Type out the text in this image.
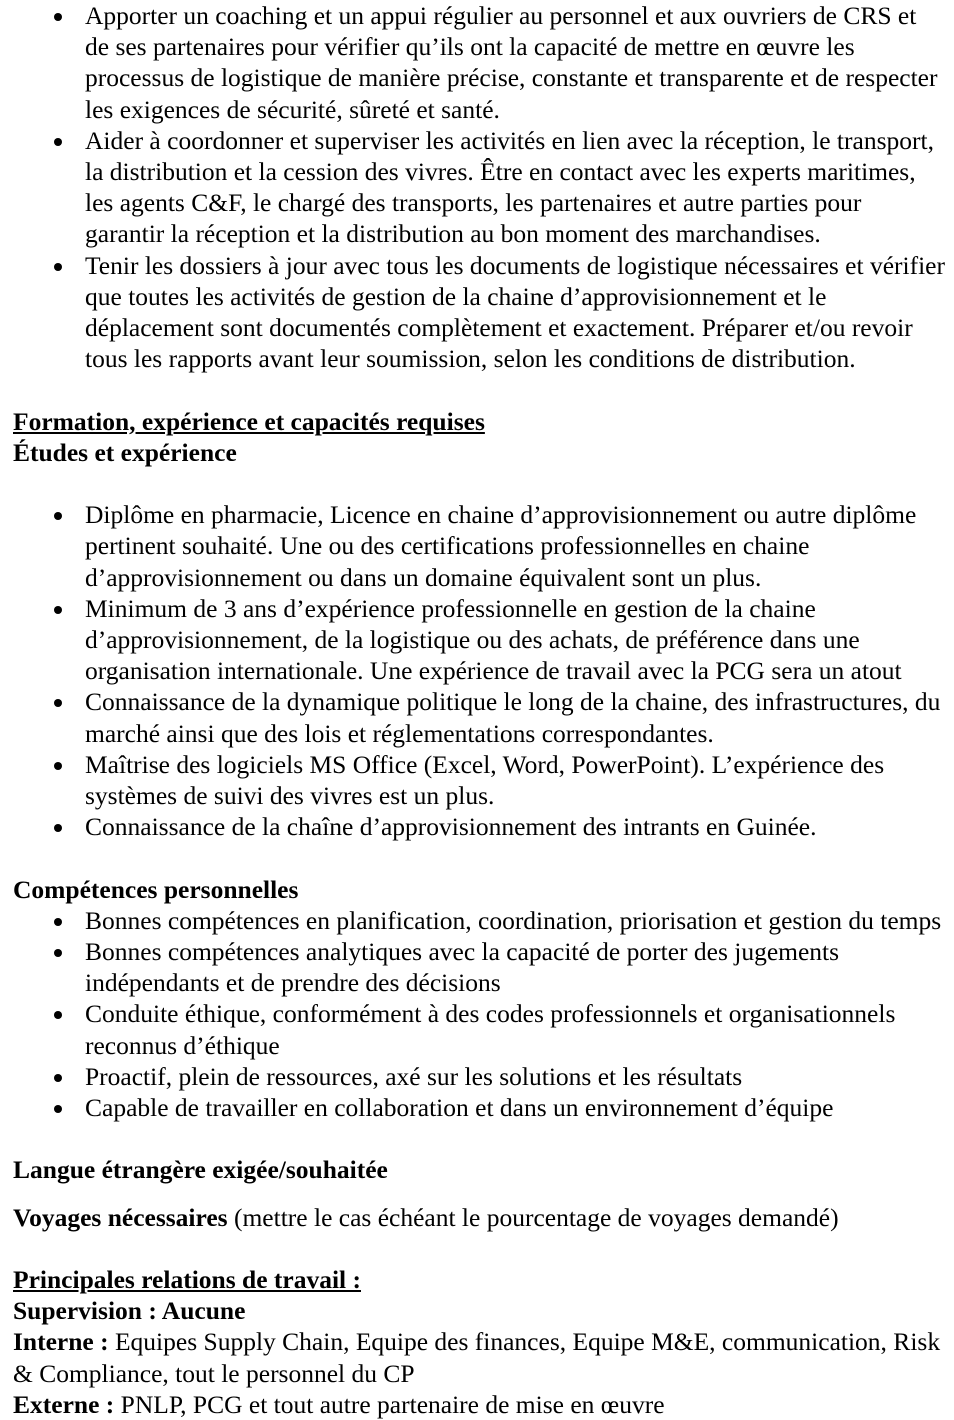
Apporter un coaching et un appui régulier au personnel et aux ouvriers de CRS et de ses partenaires pour vérifier qu’ils ont la capacité de mettre en œuvre les processus de logistique de manière précise, constante et transparente et de respecter les exigences de sécurité, sûreté et santé.
Aider à coordonner et superviser les activités en lien avec la réception, le transport, la distribution et la cession des vivres. Être en contact avec les experts maritimes, les agents C&F, le chargé des transports, les partenaires et autre parties pour garantir la réception et la distribution au bon moment des marchandises.
Tenir les dossiers à jour avec tous les documents de logistique nécessaires et vérifier que toutes les activités de gestion de la chaine d’approvisionnement et le déplacement sont documentés complètement et exactement. Préparer et/ou revoir tous les rapports avant leur soumission, selon les conditions de distribution.
Formation, expérience et capacités requises
Études et expérience
Diplôme en pharmacie, Licence en chaine d’approvisionnement ou autre diplôme pertinent souhaité. Une ou des certifications professionnelles en chaine d’approvisionnement ou dans un domaine équivalent sont un plus.
Minimum de 3 ans d’expérience professionnelle en gestion de la chaine d’approvisionnement, de la logistique ou des achats, de préférence dans une organisation internationale. Une expérience de travail avec la PCG sera un atout
Connaissance de la dynamique politique le long de la chaine, des infrastructures, du marché ainsi que des lois et réglementations correspondantes.
Maîtrise des logiciels MS Office (Excel, Word, PowerPoint). L’expérience des systèmes de suivi des vivres est un plus.
Connaissance de la chaîne d’approvisionnement des intrants en Guinée.
Compétences personnelles
Bonnes compétences en planification, coordination, priorisation et gestion du temps
Bonnes compétences analytiques avec la capacité de porter des jugements indépendants et de prendre des décisions
Conduite éthique, conformément à des codes professionnels et organisationnels reconnus d’éthique
Proactif, plein de ressources, axé sur les solutions et les résultats
Capable de travailler en collaboration et dans un environnement d’équipe
Langue étrangère exigée/souhaitée
Voyages nécessaires (mettre le cas échéant le pourcentage de voyages demandé)
Principales relations de travail :
Supervision : Aucune
Interne : Equipes Supply Chain, Equipe des finances, Equipe M&E, communication, Risk & Compliance, tout le personnel du CP
Externe : PNLP, PCG et tout autre partenaire de mise en œuvre
